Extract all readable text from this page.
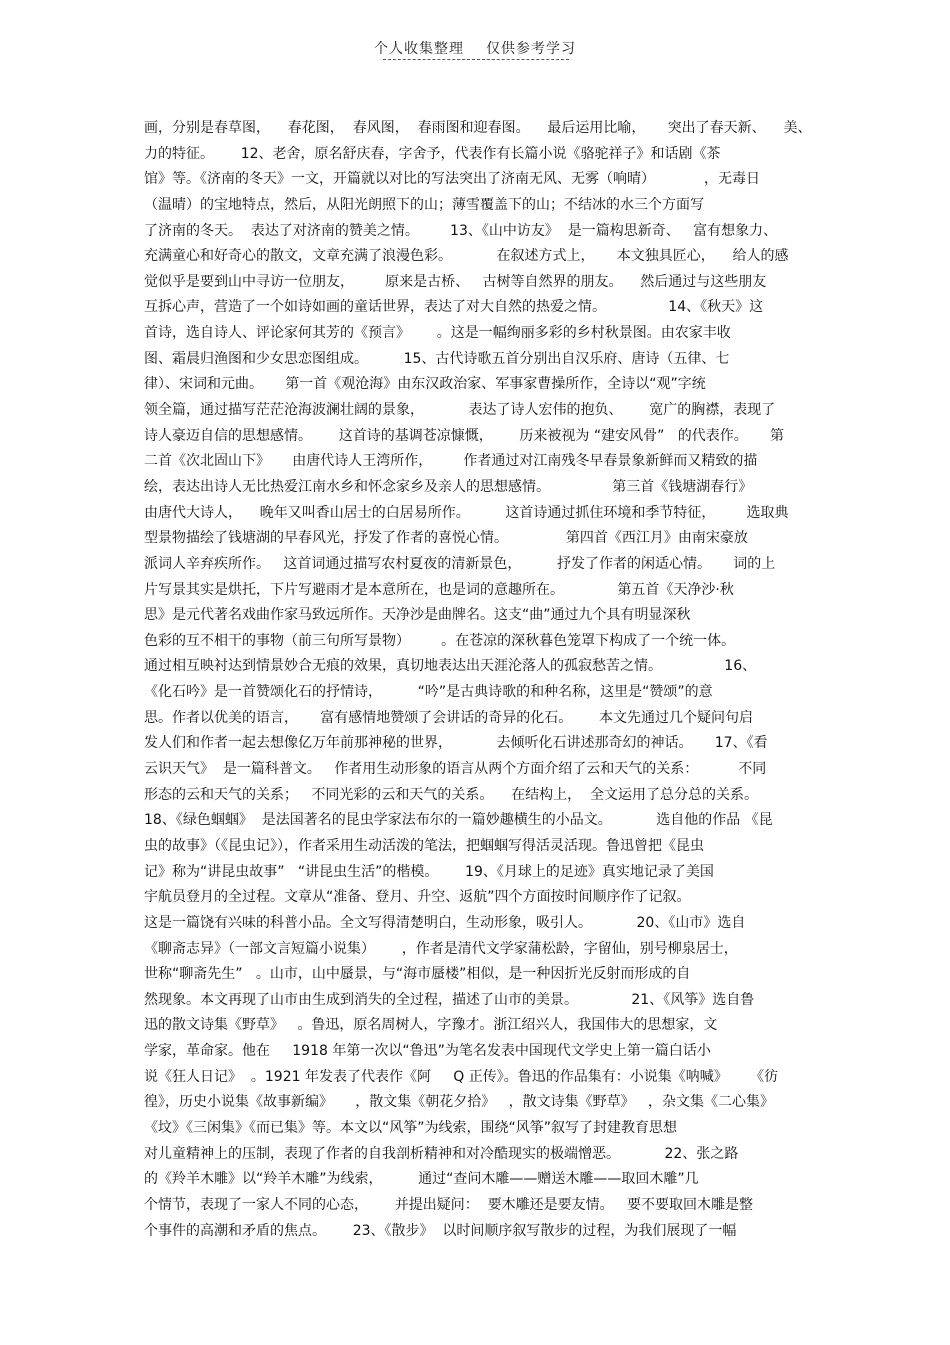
个人收集整理 仅供参考学习
画，分别是春草图，    春花图，  春风图，  春雨图和迎春图。    最后运用比喻，     突出了春天新、    美、
力的特征。      12、老舍，原名舒庆春，字舍予，代表作有长篇小说《骆驼祥子》和话剧《茶
馆》等。《济南的冬天》一文，开篇就以对比的写法突出了济南无风、无雾（响晴）           ，无毒日
（温晴）的宝地特点，然后，从阳光朗照下的山；薄雪覆盖下的山；不结冰的水三个方面写
了济南的冬天。  表达了对济南的赞美之情。       13、《山中访友》  是一篇构思新奇、   富有想象力、
充满童心和好奇心的散文，文章充满了浪漫色彩。          在叙述方式上，     本文独具匠心，    给人的感
觉似乎是要到山中寻访一位朋友，       原来是古桥、   古树等自然界的朋友。    然后通过与这些朋友
互拆心声，营造了一个如诗如画的童话世界，表达了对大自然的热爱之情。              14、《秋天》这
首诗，选自诗人、评论家何其芳的《预言》      。这是一幅绚丽多彩的乡村秋景图。由农家丰收
图、霜晨归渔图和少女思恋图组成。        15、古代诗歌五首分别出自汉乐府、唐诗（五律、七
律）、宋词和元曲。     第一首《观沧海》由东汉政治家、军事家曹操所作，全诗以“观”字统
领全篇，通过描写茫茫沧海波澜壮阔的景象，          表达了诗人宏伟的抱负、      宽广的胸襟，表现了
诗人豪迈自信的思想感情。      这首诗的基调苍凉慷慨，      历来被视为 “建安风骨”   的代表作。     第
二首《次北固山下》     由唐代诗人王湾所作，       作者通过对江南残冬早春景象新鲜而又精致的描
绘，表达出诗人无比热爱江南水乡和怀念家乡及亲人的思想感情。              第三首《钱塘湖春行》
由唐代大诗人，    晚年又叫香山居士的白居易所作。        这首诗通过抓住环境和季节特征，       选取典
型景物描绘了钱塘湖的早春风光，抒发了作者的喜悦心情。             第四首《西江月》由南宋豪放
派词人辛弃疾所作。   这首词通过描写农村夏夜的清新景色，        抒发了作者的闲适心情。     词的上
片写景其实是烘托，下片写避雨才是本意所在，也是词的意趣所在。            第五首《天净沙·秋
思》是元代著名戏曲作家马致远所作。天净沙是曲牌名。这支“曲”通过九个具有明显深秋
色彩的互不相干的事物（前三句所写景物）       。在苍凉的深秋暮色笼罩下构成了一个统一体。
通过相互映衬达到情景妙合无痕的效果，真切地表达出天涯沦落人的孤寂愁苦之情。              16、
《化石吟》是一首赞颂化石的抒情诗，        “吟”是古典诗歌的和种名称，这里是“赞颂”的意
思。作者以优美的语言，     富有感情地赞颂了会讲话的奇异的化石。      本文先通过几个疑问句启
发人们和作者一起去想像亿万年前那神秘的世界，          去倾听化石讲述那奇幻的神话。     17、《看
云识天气》  是一篇科普文。   作者用生动形象的语言从两个方面介绍了云和天气的关系：         不同
形态的云和天气的关系；   不同光彩的云和天气的关系。    在结构上，  全文运用了总分总的关系。
18、《绿色蝈蝈》  是法国著名的昆虫学家法布尔的一篇妙趣横生的小品文。          选自他的作品 《昆
虫的故事》（《昆虫记》），作者采用生动活泼的笔法，把蝈蝈写得活灵活现。鲁迅曾把《昆虫
记》称为“讲昆虫故事”   “讲昆虫生活”的楷模。      19、《月球上的足迹》真实地记录了美国
宇航员登月的全过程。文章从“准备、登月、升空、返航”四个方面按时间顺序作了记叙。
这是一篇饶有兴味的科普小品。全文写得清楚明白，生动形象，吸引人。          20、《山市》选自
《聊斋志异》（一部文言短篇小说集）      ，作者是清代文学家蒲松龄，字留仙，别号柳泉居士，
世称“聊斋先生”   。山市，山中蜃景，与“海市蜃楼”相似，是一种因折光反射而形成的自
然现象。本文再现了山市由生成到消失的全过程，描述了山市的美景。            21、《风筝》选自鲁
迅的散文诗集《野草》   。鲁迅，原名周树人，字豫才。浙江绍兴人，我国伟大的思想家，文
学家，革命家。他在     1918 年第一次以“鲁迅”为笔名发表中国现代文学史上第一篇白话小
说《狂人日记》  。1921 年发表了代表作《阿     Q 正传》。鲁迅的作品集有：小说集《呐喊》     《彷
徨》，历史小说集《故事新编》     ，散文集《朝花夕拾》   ，散文诗集《野草》   ，杂文集《二心集》
《坟》《三闲集》《而已集》等。本文以“风筝”为线索，围绕“风筝”叙写了封建教育思想
对儿童精神上的压制，表现了作者的自我剖析精神和对冷酷现实的极端憎恶。          22、张之路
的《羚羊木雕》以“羚羊木雕”为线索，        通过“查问木雕——赠送木雕——取回木雕”几
个情节，表现了一家人不同的心态，      并提出疑问：  要木雕还是要友情。   要不要取回木雕是整
个事件的高潮和矛盾的焦点。      23、《散步》  以时间顺序叙写散步的过程，为我们展现了一幅
